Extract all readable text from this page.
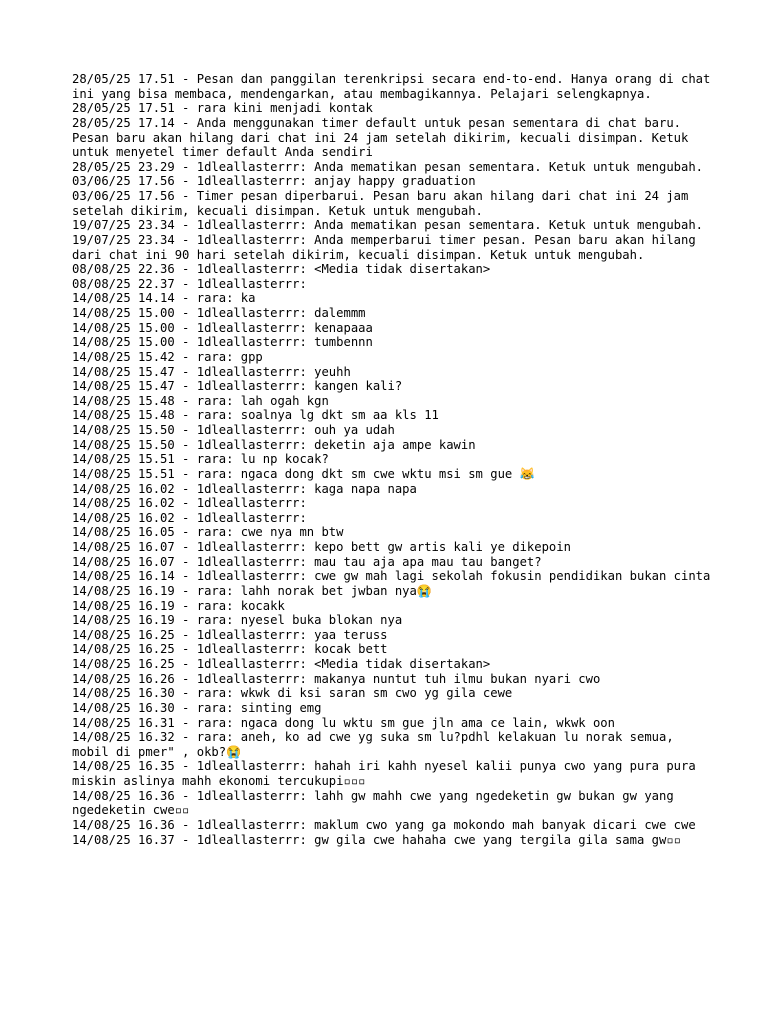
28/05/25 17.51 - Pesan dan panggilan terenkripsi secara end-to-end. Hanya orang di chat ini yang bisa membaca, mendengarkan, atau membagikannya. Pelajari selengkapnya.

28/05/25 17.51 - rara kini menjadi kontak

28/05/25 17.14 - Anda menggunakan timer default untuk pesan sementara di chat baru. Pesan baru akan hilang dari chat ini 24 jam setelah dikirim, kecuali disimpan. Ketuk untuk menyetel timer default Anda sendiri

28/05/25 23.29 - 1dleallasterrr: Anda mematikan pesan sementara. Ketuk untuk mengubah.

03/06/25 17.56 - 1dleallasterrr: anjay happy graduation

03/06/25 17.56 - Timer pesan diperbarui. Pesan baru akan hilang dari chat ini 24 jam setelah dikirim, kecuali disimpan. Ketuk untuk mengubah.

19/07/25 23.34 - 1dleallasterrr: Anda mematikan pesan sementara. Ketuk untuk mengubah.

19/07/25 23.34 - 1dleallasterrr: Anda memperbarui timer pesan. Pesan baru akan hilang dari chat ini 90 hari setelah dikirim, kecuali disimpan. Ketuk untuk mengubah.

08/08/25 22.36 - 1dleallasterrr: <Media tidak disertakan>

08/08/25 22.37 - 1dleallasterrr:

14/08/25 14.14 - rara: ka

14/08/25 15.00 - 1dleallasterrr: dalemmm

14/08/25 15.00 - 1dleallasterrr: kenapaaa

14/08/25 15.00 - 1dleallasterrr: tumbennn

14/08/25 15.42 - rara: gpp

14/08/25 15.47 - 1dleallasterrr: yeuhh

14/08/25 15.47 - 1dleallasterrr: kangen kali?

14/08/25 15.48 - rara: lah ogah kgn

14/08/25 15.48 - rara: soalnya lg dkt sm aa kls 11

14/08/25 15.50 - 1dleallasterrr: ouh ya udah

14/08/25 15.50 - 1dleallasterrr: deketin aja ampe kawin

14/08/25 15.51 - rara: lu np kocak?

14/08/25 15.51 - rara: ngaca dong dkt sm cwe wktu msi sm gue 😹

14/08/25 16.02 - 1dleallasterrr: kaga napa napa

14/08/25 16.02 - 1dleallasterrr:

14/08/25 16.02 - 1dleallasterrr:

14/08/25 16.05 - rara: cwe nya mn btw

14/08/25 16.07 - 1dleallasterrr: kepo bett gw artis kali ye dikepoin

14/08/25 16.07 - 1dleallasterrr: mau tau aja apa mau tau banget?

14/08/25 16.14 - 1dleallasterrr: cwe gw mah lagi sekolah fokusin pendidikan bukan cinta

14/08/25 16.19 - rara: lahh norak bet jwban nya😭

14/08/25 16.19 - rara: kocakk

14/08/25 16.19 - rara: nyesel buka blokan nya

14/08/25 16.25 - 1dleallasterrr: yaa teruss

14/08/25 16.25 - 1dleallasterrr: kocak bett

14/08/25 16.25 - 1dleallasterrr: <Media tidak disertakan>

14/08/25 16.26 - 1dleallasterrr: makanya nuntut tuh ilmu bukan nyari cwo

14/08/25 16.30 - rara: wkwk di ksi saran sm cwo yg gila cewe

14/08/25 16.30 - rara: sinting emg

14/08/25 16.31 - rara: ngaca dong lu wktu sm gue jln ama ce lain, wkwk oon

14/08/25 16.32 - rara: aneh, ko ad cwe yg suka sm lu?pdhl kelakuan lu norak semua, mobil di pmer" , okb?😭

14/08/25 16.35 - 1dleallasterrr: hahah iri kahh nyesel kalii punya cwo yang pura pura miskin aslinya mahh ekonomi tercukupi▫▫▫

14/08/25 16.36 - 1dleallasterrr: lahh gw mahh cwe yang ngedeketin gw bukan gw yang ngedeketin cwe▫▫

14/08/25 16.36 - 1dleallasterrr: maklum cwo yang ga mokondo mah banyak dicari cwe cwe

14/08/25 16.37 - 1dleallasterrr: gw gila cwe hahaha cwe yang tergila gila sama gw▫▫
